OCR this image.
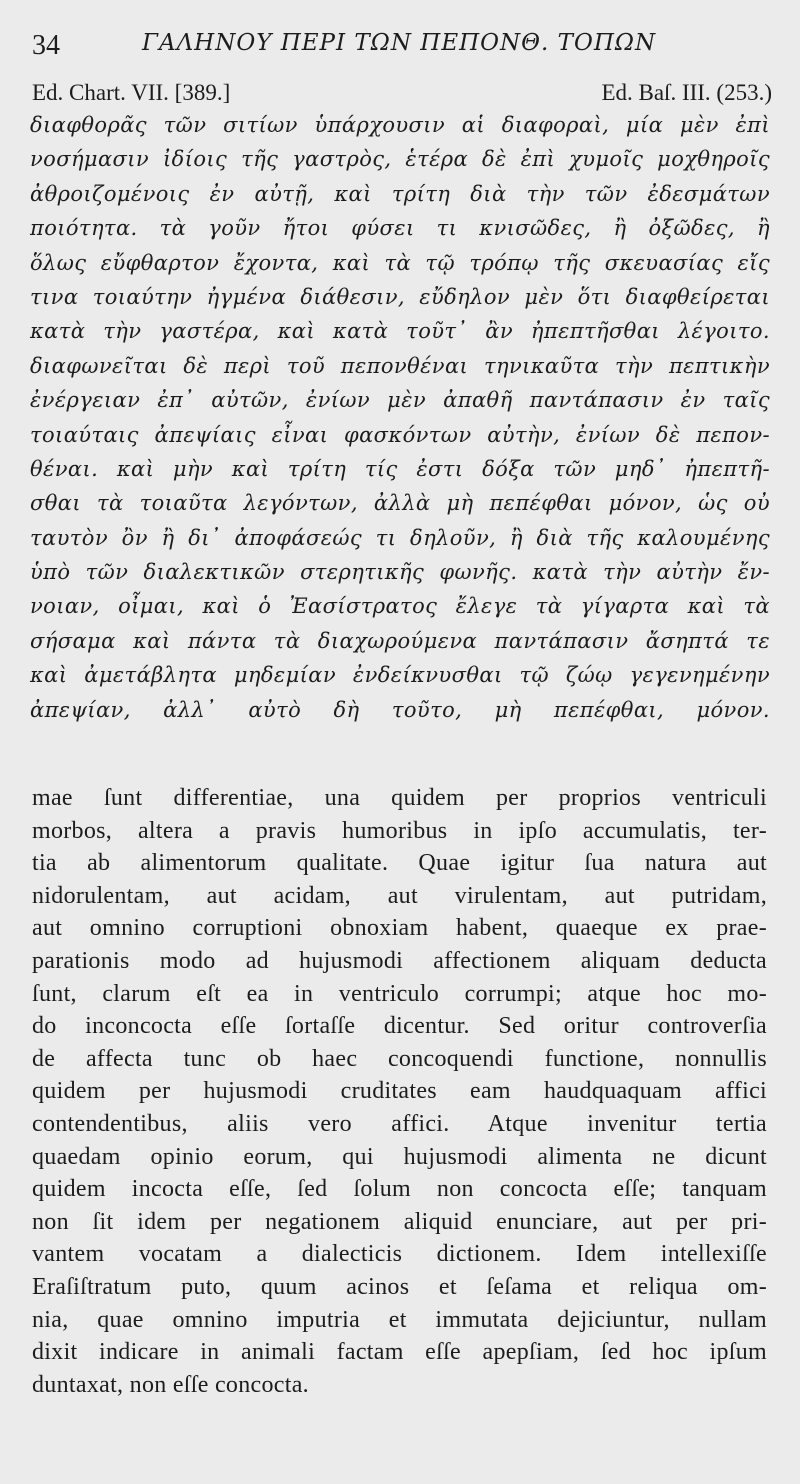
34	ΓΑΛΗΝΟΥ ΠΕΡΙ ΤΩΝ ΠΕΠΟΝΘ. ΤΟΠΩΝ
Ed. Chart. VII. [389.]	Ed. Baſ. III. (253.)
διαφθορᾶς τῶν σιτίων ὑπάρχουσιν αἱ διαφοραὶ, μία μὲν ἐπὶ
νοσήμασιν ἰδίοις τῆς γαστρὸς, ἑτέρα δὲ ἐπὶ χυμοῖς μοχθηροῖς
ἀθροιζομένοις ἐν αὐτῇ, καὶ τρίτη διὰ τὴν τῶν ἐδεσμάτων
ποιότητα. τὰ γοῦν ἤτοι φύσει τι κνισῶδες, ἢ ὀξῶδες, ἢ
ὅλως εὔφθαρτον ἔχοντα, καὶ τὰ τῷ τρόπῳ τῆς σκευασίας εἴς
τινα τοιαύτην ἠγμένα διάθεσιν, εὔδηλον μὲν ὅτι διαφθείρεται
κατὰ τὴν γαστέρα, καὶ κατὰ τοῦτ᾽ ἂν ἠπεπτῆσθαι λέγοιτο.
διαφωνεῖται δὲ περὶ τοῦ πεπονθέναι τηνικαῦτα τὴν πεπτικὴν
ἐνέργειαν ἐπ᾽ αὐτῶν, ἐνίων μὲν ἀπαθῆ παντάπασιν ἐν ταῖς
τοιαύταις ἀπεψίαις εἶναι φασκόντων αὐτὴν, ἐνίων δὲ πεπον-
θέναι. καὶ μὴν καὶ τρίτη τίς ἐστι δόξα τῶν μηδ᾽ ἠπεπτῆ-
σθαι τὰ τοιαῦτα λεγόντων, ἀλλὰ μὴ πεπέφθαι μόνον, ὡς οὐ
ταυτὸν ὂν ἢ δι᾽ ἀποφάσεώς τι δηλοῦν, ἢ διὰ τῆς καλουμένης
ὑπὸ τῶν διαλεκτικῶν στερητικῆς φωνῆς. κατὰ τὴν αὐτὴν ἔν-
νοιαν, οἶμαι, καὶ ὁ Ἐασίστρατος ἔλεγε τὰ γίγαρτα καὶ τὰ
σήσαμα καὶ πάντα τὰ διαχωρούμενα παντάπασιν ἄσηπτά τε
καὶ ἀμετάβλητα μηδεμίαν ἐνδείκνυσθαι τῷ ζώῳ γεγενημένην
ἀπεψίαν, ἀλλ᾽ αὐτὸ δὴ τοῦτο, μὴ πεπέφθαι, μόνον.
mae ſunt differentiae, una quidem per proprios ventriculi
morbos, altera a pravis humoribus in ipſo accumulatis, ter-
tia ab alimentorum qualitate. Quae igitur ſua natura aut
nidorulentam, aut acidam, aut virulentam, aut putridam,
aut omnino corruptioni obnoxiam habent, quaeque ex prae-
parationis modo ad hujusmodi affectionem aliquam deducta
ſunt, clarum eſt ea in ventriculo corrumpi; atque hoc mo-
do inconcocta eſſe ſortaſſe dicentur. Sed oritur controverſia
de affecta tunc ob haec concoquendi functione, nonnullis
quidem per hujusmodi cruditates eam haudquaquam affici
contendentibus, aliis vero affici. Atque invenitur tertia
quaedam opinio eorum, qui hujusmodi alimenta ne dicunt
quidem incocta eſſe, ſed ſolum non concocta eſſe; tanquam
non ſit idem per negationem aliquid enunciare, aut per pri-
vantem vocatam a dialecticis dictionem. Idem intellexiſſe
Eraſiſtratum puto, quum acinos et ſeſama et reliqua om-
nia, quae omnino imputria et immutata dejiciuntur, nullam
dixit indicare in animali factam eſſe apepſiam, ſed hoc ipſum
duntaxat, non eſſe concocta.
